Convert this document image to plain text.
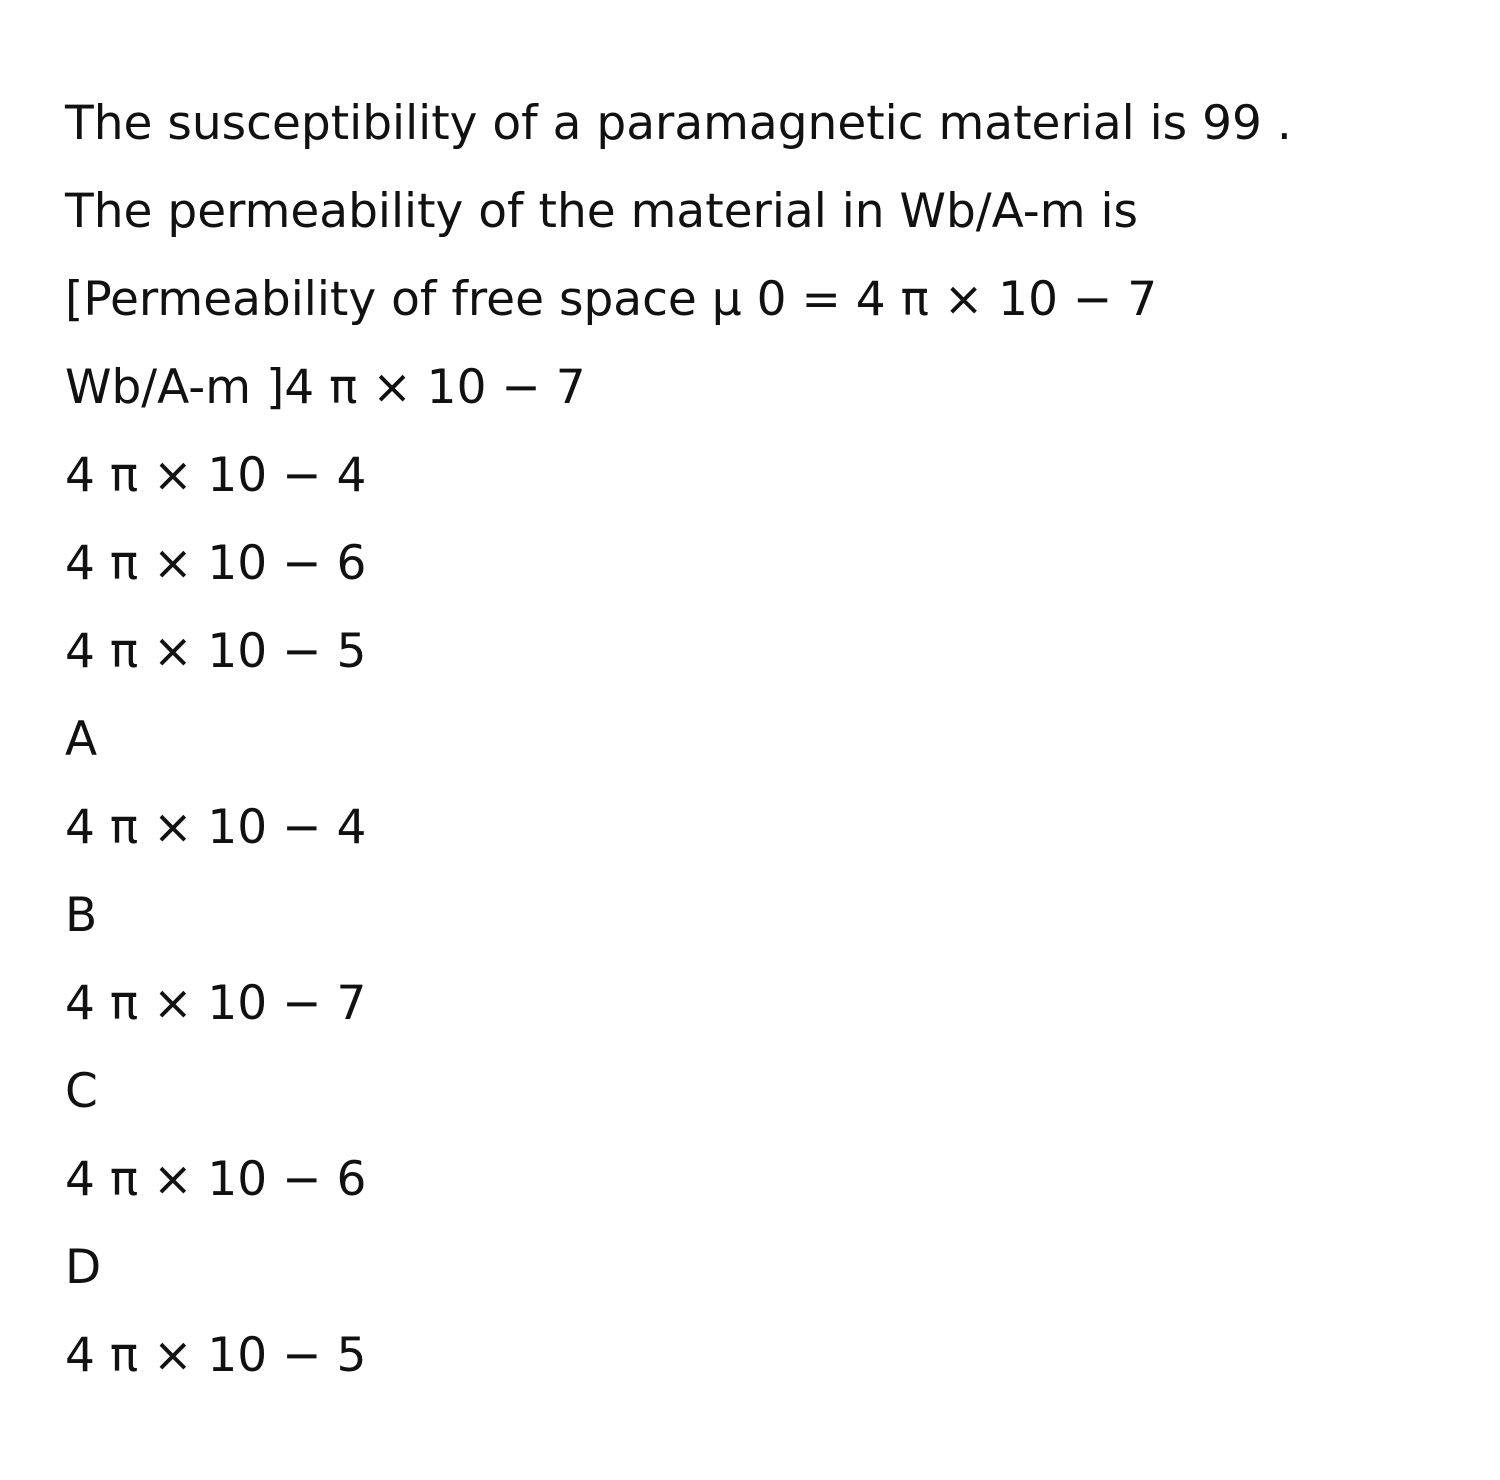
The susceptibility of a paramagnetic material is 99 .
The permeability of the material in Wb/A-m is
[Permeability of free space μ 0 = 4 π × 10 − 7
Wb/A-m ]4 π × 10 − 7
4 π × 10 − 4
4 π × 10 − 6
4 π × 10 − 5
A
4 π × 10 − 4
B
4 π × 10 − 7
C
4 π × 10 − 6
D
4 π × 10 − 5
